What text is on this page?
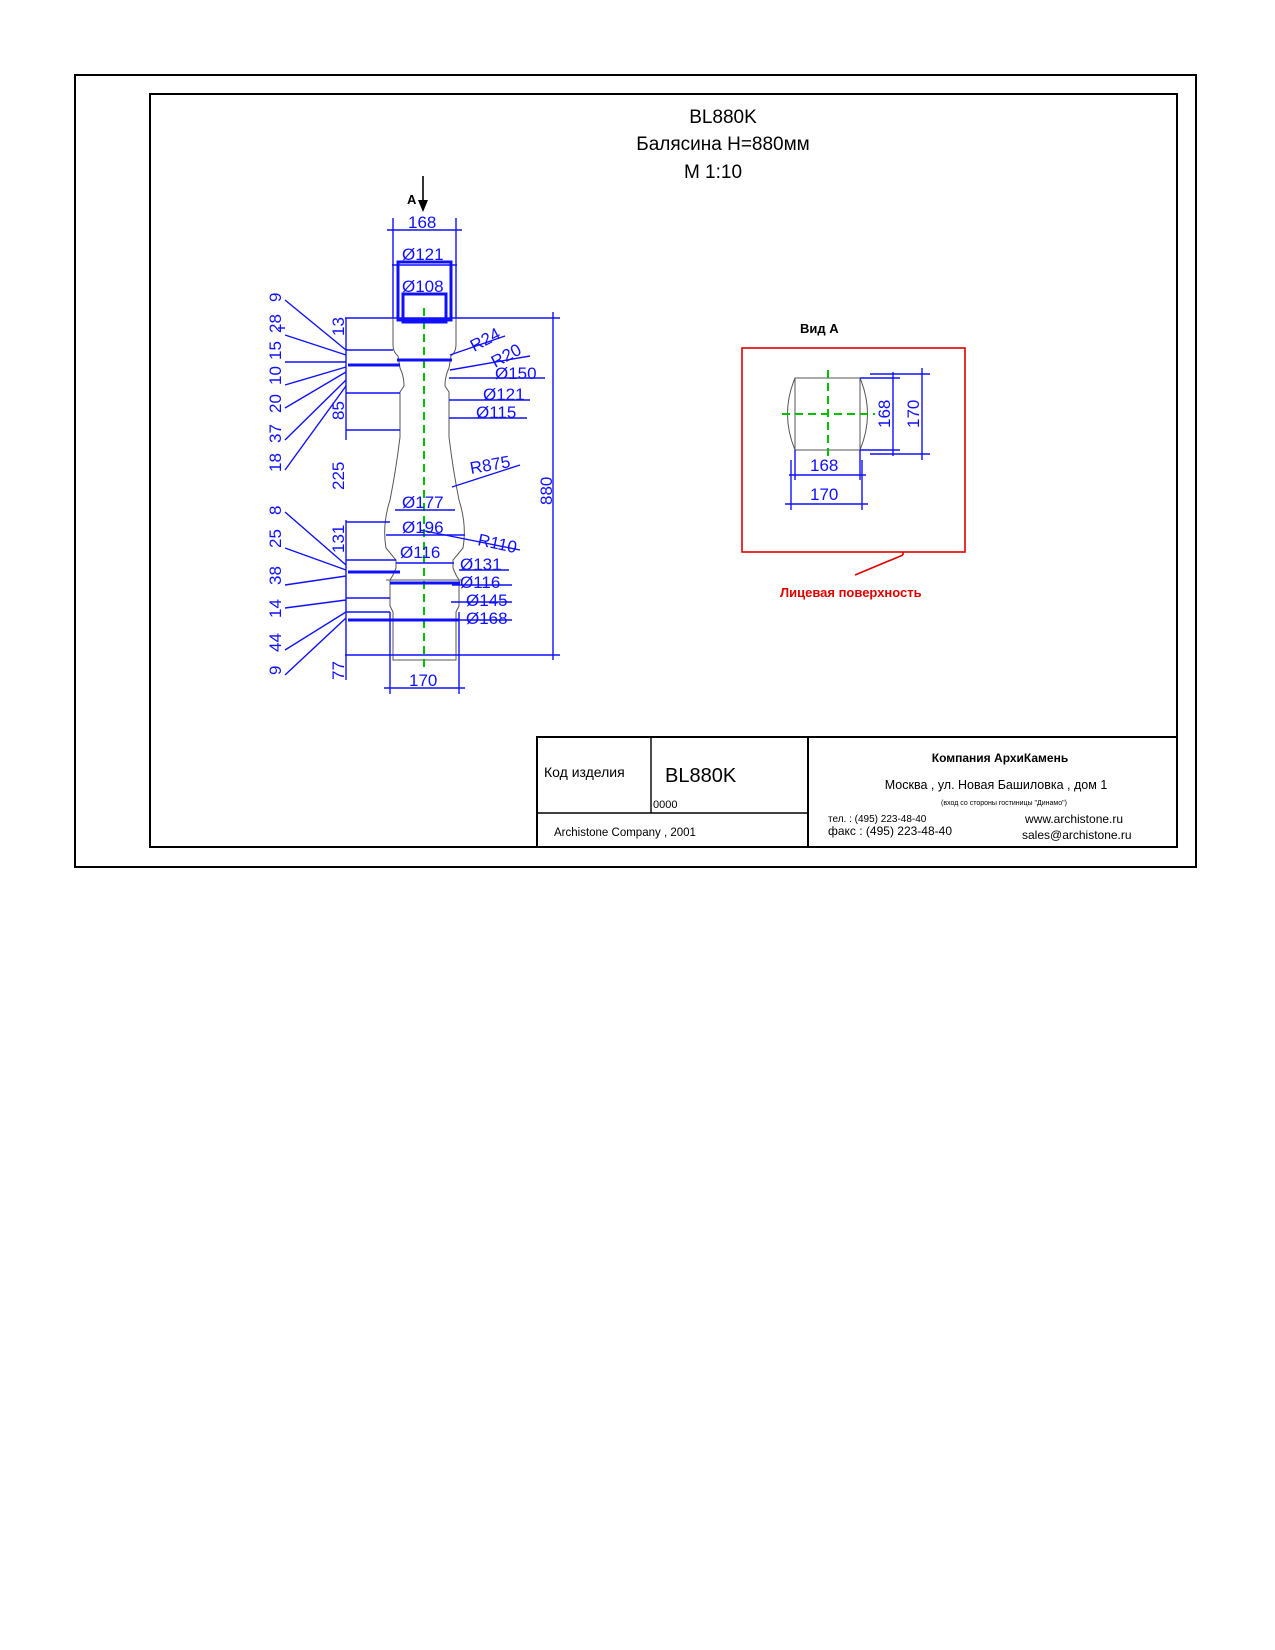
BL880K
Балясина H=880мм
М 1:10
A
168
Ø121
Ø108
880
9
28
15
10
20
37
18
8
25
38
14
44
9
13
85
225
131
77
R24
R20
Ø150
Ø121
Ø115
R875
Ø177
Ø196
R110
Ø116
Ø131
Ø116
Ø145
Ø168
170
Вид А
168
170
168 170
Лицевая поверхность
Код изделия BL880K
0000
Archistone Company , 2001
Компания АрхиКамень
Москва , ул. Новая Башиловка , дом 1
(вход со стороны гостиницы "Динамо")
тел. : (495) 223-48-40
факс : (495) 223-48-40
www.archistone.ru
sales@archistone.ru
